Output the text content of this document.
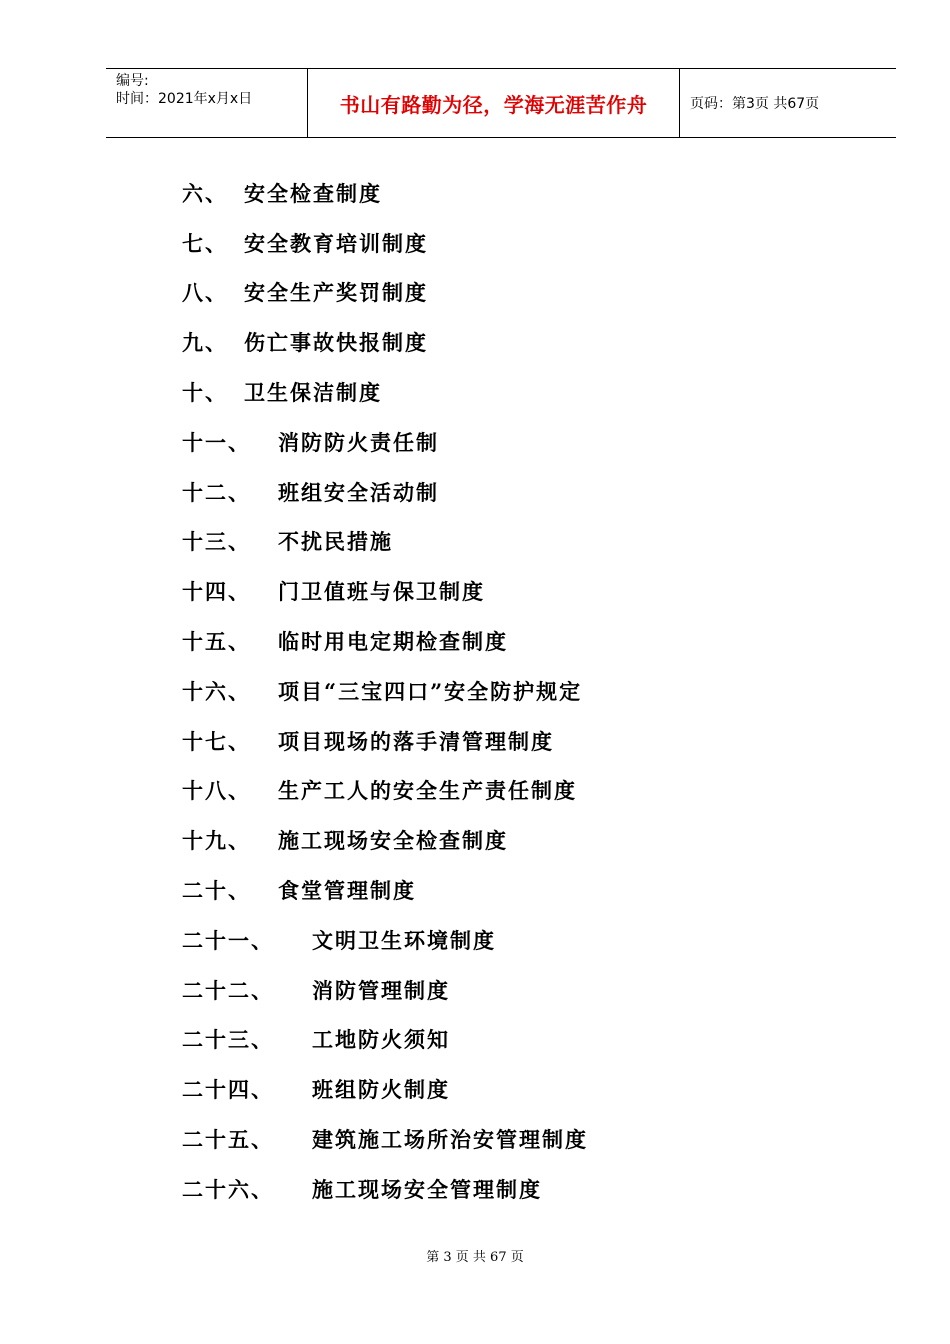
编号:
时间：2021年x月x日	书山有路勤为径，学海无涯苦作舟	页码：第3页 共67页
六、 安全检查制度
七、 安全教育培训制度
八、 安全生产奖罚制度
九、 伤亡事故快报制度
十、 卫生保洁制度
十一、	消防防火责任制
十二、	班组安全活动制
十三、	不扰民措施
十四、	门卫值班与保卫制度
十五、	临时用电定期检查制度
十六、	项目“三宝四口”安全防护规定
十七、	项目现场的落手清管理制度
十八、	生产工人的安全生产责任制度
十九、	施工现场安全检查制度
二十、	食堂管理制度
二十一、	文明卫生环境制度
二十二、	消防管理制度
二十三、	工地防火须知
二十四、	班组防火制度
二十五、	建筑施工场所治安管理制度
二十六、	施工现场安全管理制度
第 3 页 共 67 页
